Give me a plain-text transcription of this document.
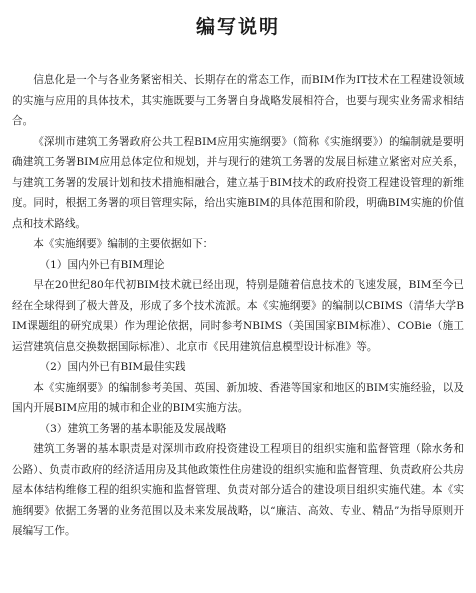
编写说明

信息化是一个与各业务紧密相关、长期存在的常态工作，而BIM作为IT技术在工程建设领域的实施与应用的具体技术，其实施既要与工务署自身战略发展相符合，也要与现实业务需求相结合。

《深圳市建筑工务署政府公共工程BIM应用实施纲要》（简称《实施纲要》）的编制就是要明确建筑工务署BIM应用总体定位和规划，并与现行的建筑工务署的发展目标建立紧密对应关系，与建筑工务署的发展计划和技术措施相融合，建立基于BIM技术的政府投资工程建设管理的新维度。同时，根据工务署的项目管理实际，给出实施BIM的具体范围和阶段，明确BIM实施的价值点和技术路线。

本《实施纲要》编制的主要依据如下：

（1）国内外已有BIM理论

早在20世纪80年代初BIM技术就已经出现，特别是随着信息技术的飞速发展，BIM至今已经在全球得到了极大普及，形成了多个技术流派。本《实施纲要》的编制以CBIMS（清华大学BIM课题组的研究成果）作为理论依据，同时参考NBIMS（美国国家BIM标准）、COBie（施工运营建筑信息交换数据国际标准）、北京市《民用建筑信息模型设计标准》等。

（2）国内外已有BIM最佳实践

本《实施纲要》的编制参考美国、英国、新加坡、香港等国家和地区的BIM实施经验，以及国内开展BIM应用的城市和企业的BIM实施方法。

（3）建筑工务署的基本职能及发展战略

建筑工务署的基本职责是对深圳市政府投资建设工程项目的组织实施和监督管理（除水务和公路）、负责市政府的经济适用房及其他政策性住房建设的组织实施和监督管理、负责政府公共房屋本体结构维修工程的组织实施和监督管理、负责对部分适合的建设项目组织实施代建。本《实施纲要》依据工务署的业务范围以及未来发展战略，以“廉洁、高效、专业、精品”为指导原则开展编写工作。
